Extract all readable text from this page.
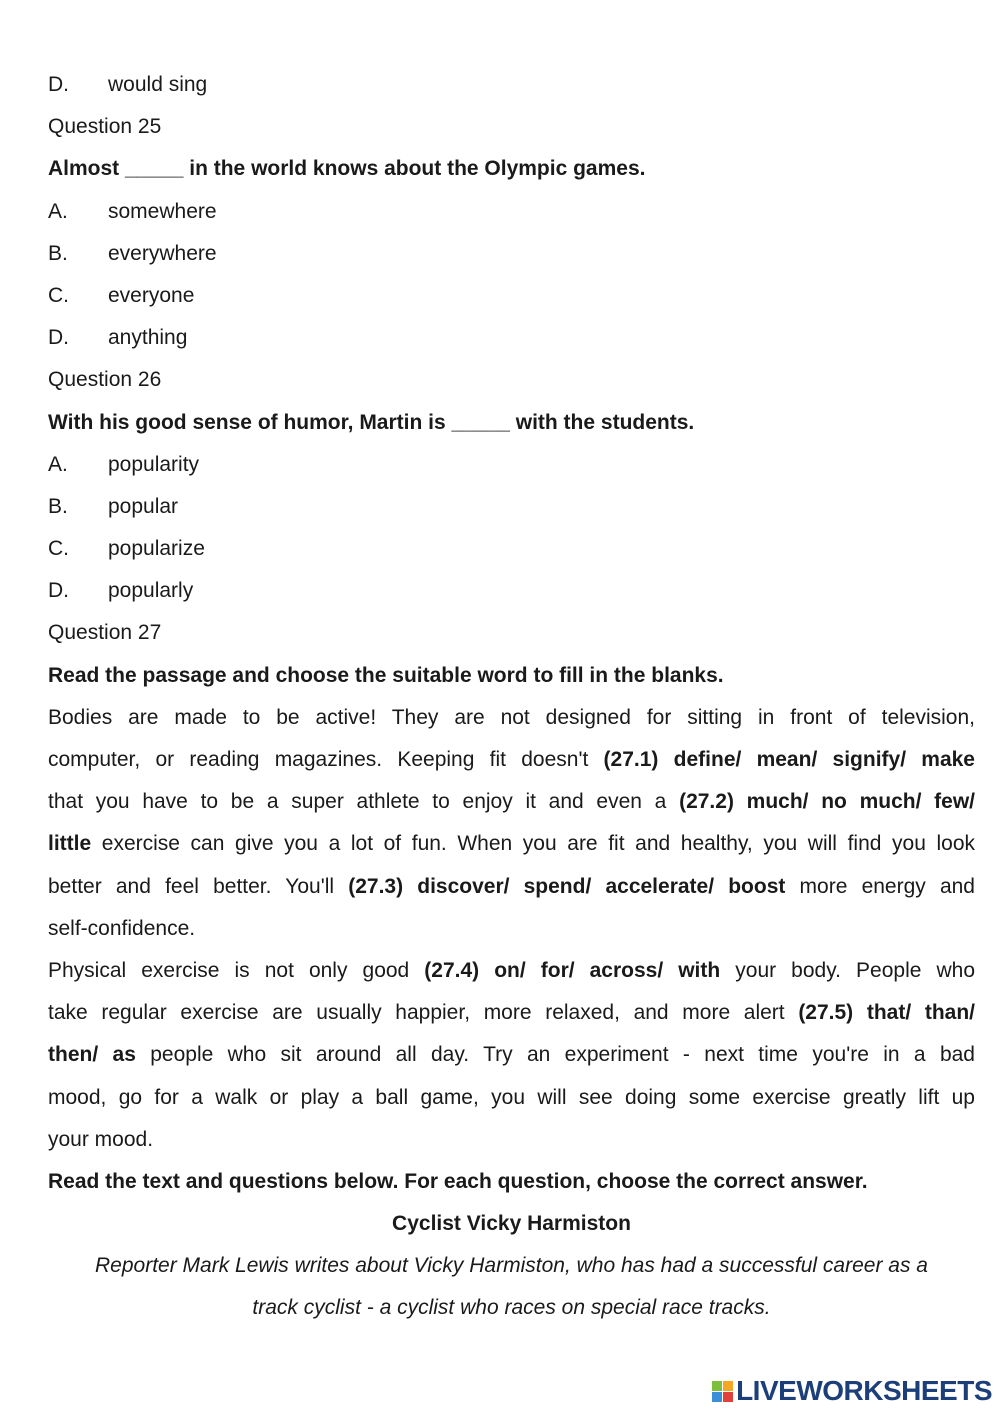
D. would sing
Question 25
Almost _____ in the world knows about the Olympic games.
A. somewhere
B. everywhere
C. everyone
D. anything
Question 26
With his good sense of humor, Martin is _____ with the students.
A. popularity
B. popular
C. popularize
D. popularly
Question 27
Read the passage and choose the suitable word to fill in the blanks.
Bodies are made to be active! They are not designed for sitting in front of television,
computer, or reading magazines. Keeping fit doesn't (27.1) define/ mean/ signify/ make
that you have to be a super athlete to enjoy it and even a (27.2) much/ no much/ few/
little exercise can give you a lot of fun. When you are fit and healthy, you will find you look
better and feel better. You'll (27.3) discover/ spend/ accelerate/ boost more energy and
self-confidence.
Physical exercise is not only good (27.4) on/ for/ across/ with your body. People who
take regular exercise are usually happier, more relaxed, and more alert (27.5) that/ than/
then/ as people who sit around all day. Try an experiment - next time you're in a bad
mood, go for a walk or play a ball game, you will see doing some exercise greatly lift up
your mood.
Read the text and questions below. For each question, choose the correct answer.
Cyclist Vicky Harmiston
Reporter Mark Lewis writes about Vicky Harmiston, who has had a successful career as a
track cyclist - a cyclist who races on special race tracks.
LIVEWORKSHEETS
